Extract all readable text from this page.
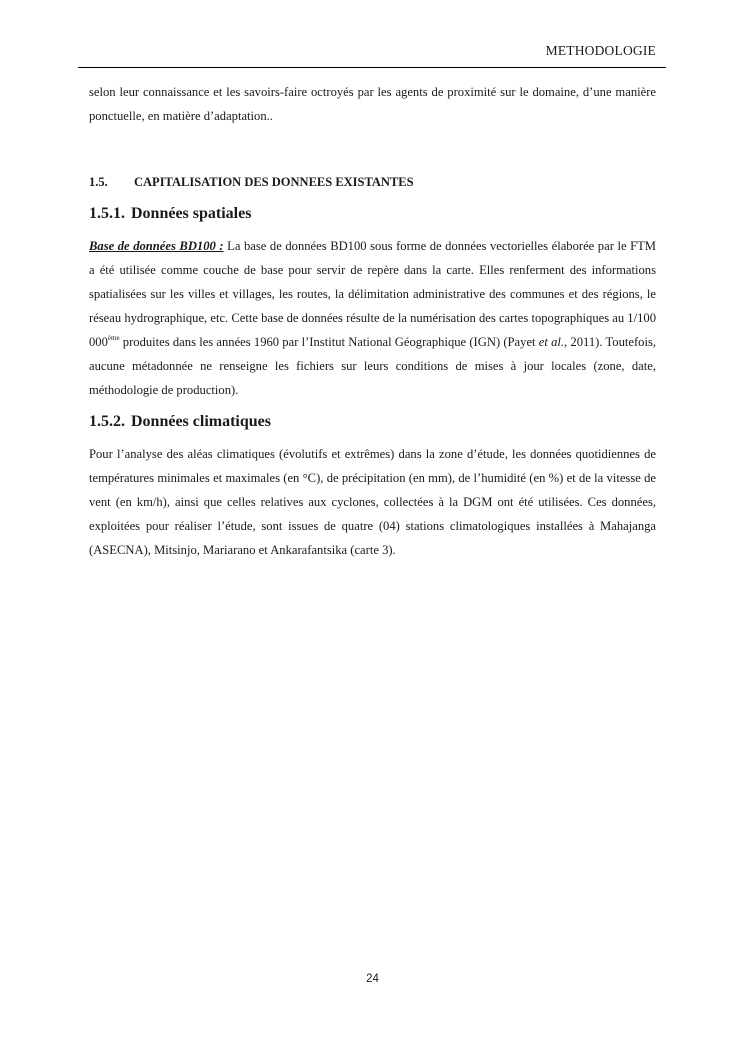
METHODOLOGIE

selon leur connaissance et les savoirs-faire octroyés par les agents de proximité sur le domaine, d’une manière ponctuelle, en matière d’adaptation..

1.5. CAPITALISATION DES DONNEES EXISTANTES
1.5.1. Données spatiales

Base de données BD100 : La base de données BD100 sous forme de données vectorielles élaborée par le FTM a été utilisée comme couche de base pour servir de repère dans la carte. Elles renferment des informations spatialisées sur les villes et villages, les routes, la délimitation administrative des communes et des régions, le réseau hydrographique, etc. Cette base de données résulte de la numérisation des cartes topographiques au 1/100 000ème produites dans les années 1960 par l’Institut National Géographique (IGN) (Payet et al., 2011). Toutefois, aucune métadonnée ne renseigne les fichiers sur leurs conditions de mises à jour locales (zone, date, méthodologie de production).

1.5.2. Données climatiques

Pour l’analyse des aléas climatiques (évolutifs et extrêmes) dans la zone d’étude, les données quotidiennes de températures minimales et maximales (en °C), de précipitation (en mm), de l’humidité (en %) et de la vitesse de vent (en km/h), ainsi que celles relatives aux cyclones, collectées à la DGM ont été utilisées. Ces données, exploitées pour réaliser l’étude, sont issues de quatre (04) stations climatologiques installées à Mahajanga (ASECNA), Mitsinjo, Mariarano et Ankarafantsika (carte 3).

24
